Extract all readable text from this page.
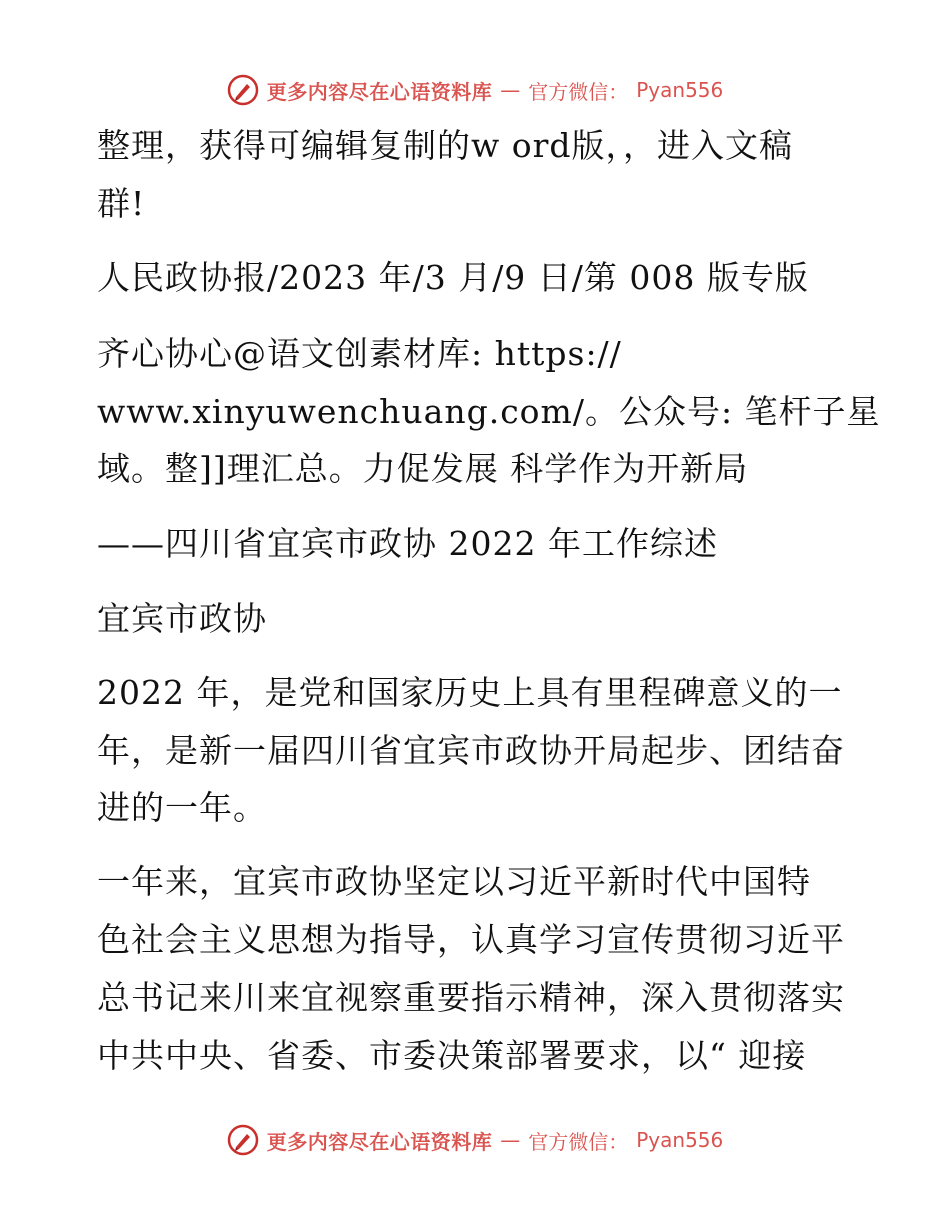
更多内容尽在心语资料库 — 官方微信： Pyan556
整理，获得可编辑复制的w ord版，，进入文稿
群!
人民政协报/2023 年/3 月/9 日/第 008 版专版
齐心协心@语文创素材库: https://
www.xinyuwenchuang.com/。公众号: 笔杆子星
域。整]]理汇总。力促发展 科学作为开新局
——四川省宜宾市政协 2022 年工作综述
宜宾市政协
2022 年，是党和国家历史上具有里程碑意义的一
年，是新一届四川省宜宾市政协开局起步、团结奋
进的一年。
一年来，宜宾市政协坚定以习近平新时代中国特
色社会主义思想为指导，认真学习宣传贯彻习近平
总书记来川来宜视察重要指示精神，深入贯彻落实
中共中央、省委、市委决策部署要求，以“ 迎接
更多内容尽在心语资料库 — 官方微信： Pyan556
